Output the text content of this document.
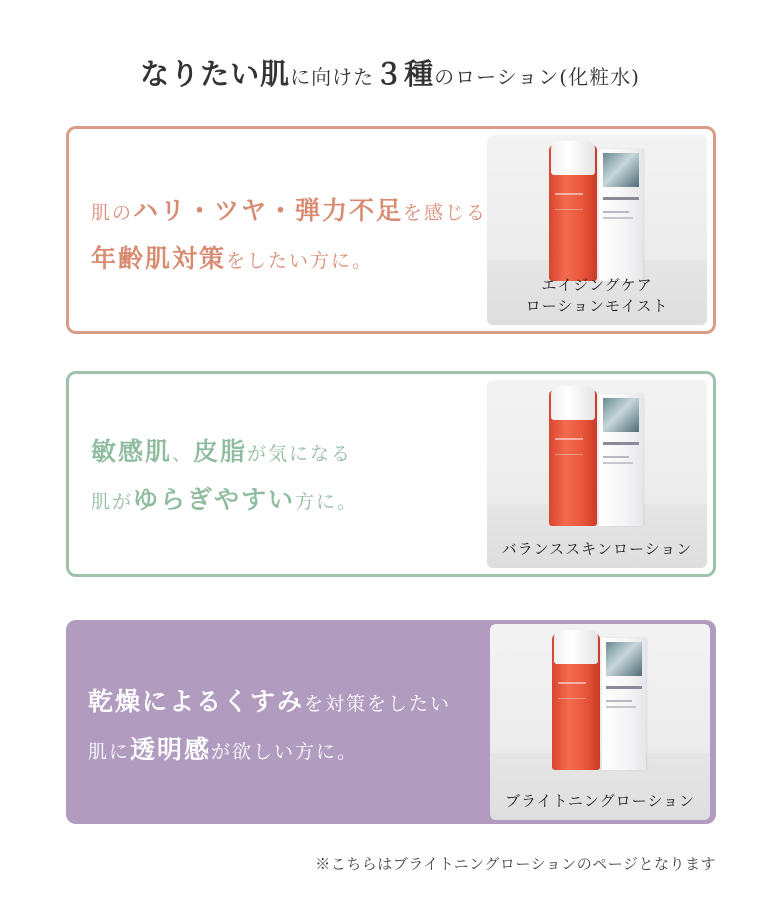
なりたい肌に向けた３種のローション(化粧水)
肌のハリ・ツヤ・弾力不足を感じる
年齢肌対策をしたい方に。
エイジングケア
ローションモイスト
敏感肌、皮脂が気になる
肌がゆらぎやすい方に。
バランススキンローション
乾燥によるくすみを対策をしたい
肌に透明感が欲しい方に。
ブライトニングローション
※こちらはブライトニングローションのページとなります
